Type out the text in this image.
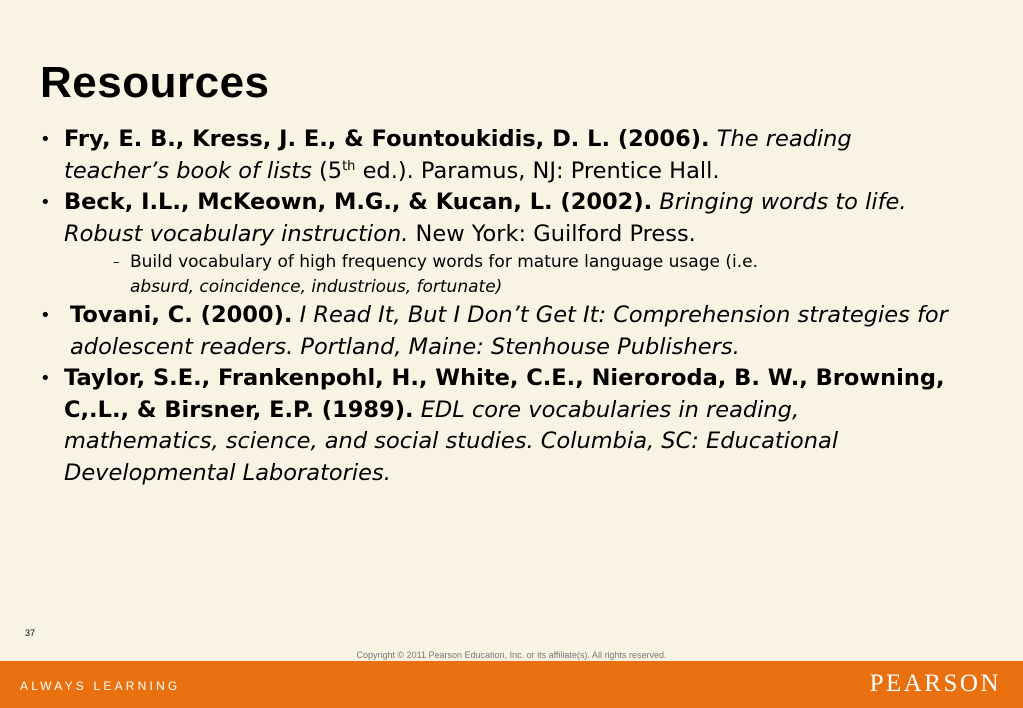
Resources
• Fry, E. B., Kress, J. E., & Fountoukidis, D. L. (2006). The reading teacher’s book of lists (5th ed.). Paramus, NJ: Prentice Hall.
• Beck, I.L., McKeown, M.G., & Kucan, L. (2002). Bringing words to life. Robust vocabulary instruction. New York: Guilford Press.
– Build vocabulary of high frequency words for mature language usage (i.e.
absurd, coincidence, industrious, fortunate)
• Tovani, C. (2000). I Read It, But I Don’t Get It: Comprehension strategies for adolescent readers. Portland, Maine: Stenhouse Publishers.
• Taylor, S.E., Frankenpohl, H., White, C.E., Nieroroda, B. W., Browning, C,.L., & Birsner, E.P. (1989). EDL core vocabularies in reading, mathematics, science, and social studies. Columbia, SC: Educational Developmental Laboratories.
37
Copyright © 2011 Pearson Education, Inc. or its affiliate(s). All rights reserved.
ALWAYS LEARNING	PEARSON
